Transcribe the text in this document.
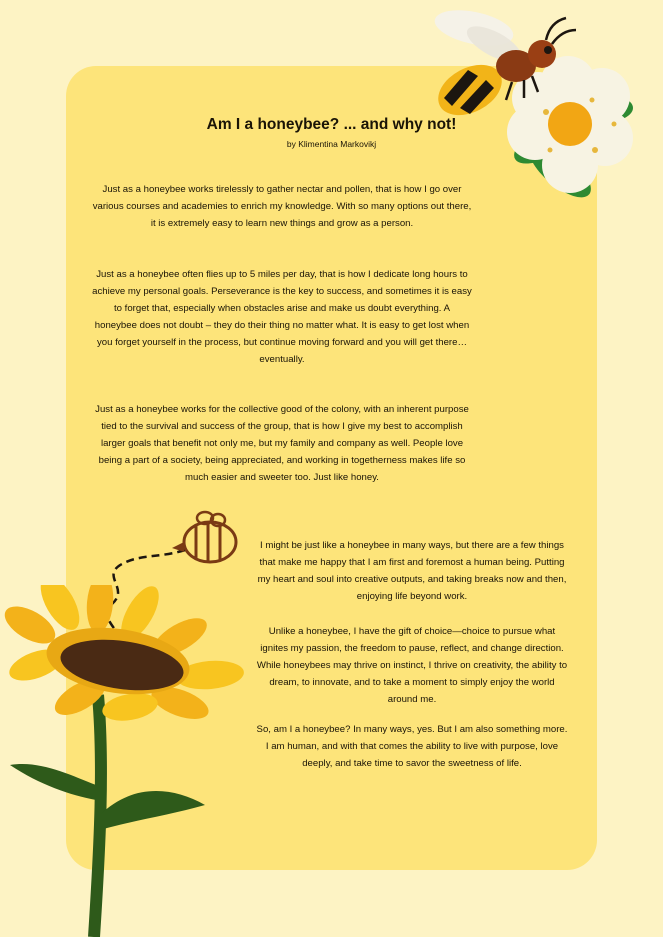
Am I a honeybee? ... and why not!

by Klimentina Markovikj

Just as a honeybee works tirelessly to gather nectar and pollen, that is how I go over various courses and academies to enrich my knowledge. With so many options out there, it is extremely easy to learn new things and grow as a person.

Just as a honeybee often flies up to 5 miles per day, that is how I dedicate long hours to achieve my personal goals. Perseverance is the key to success, and sometimes it is easy to forget that, especially when obstacles arise and make us doubt everything. A honeybee does not doubt – they do their thing no matter what. It is easy to get lost when you forget yourself in the process, but continue moving forward and you will get there… eventually.

Just as a honeybee works for the collective good of the colony, with an inherent purpose tied to the survival and success of the group, that is how I give my best to accomplish larger goals that benefit not only me, but my family and company as well. People love being a part of a society, being appreciated, and working in togetherness makes life so much easier and sweeter too. Just like honey.

I might be just like a honeybee in many ways, but there are a few things that make me happy that I am first and foremost a human being. Putting my heart and soul into creative outputs, and taking breaks now and then, enjoying life beyond work.

Unlike a honeybee, I have the gift of choice—choice to pursue what ignites my passion, the freedom to pause, reflect, and change direction. While honeybees may thrive on instinct, I thrive on creativity, the ability to dream, to innovate, and to take a moment to simply enjoy the world around me.

So, am I a honeybee? In many ways, yes. But I am also something more. I am human, and with that comes the ability to live with purpose, love deeply, and take time to savor the sweetness of life.
